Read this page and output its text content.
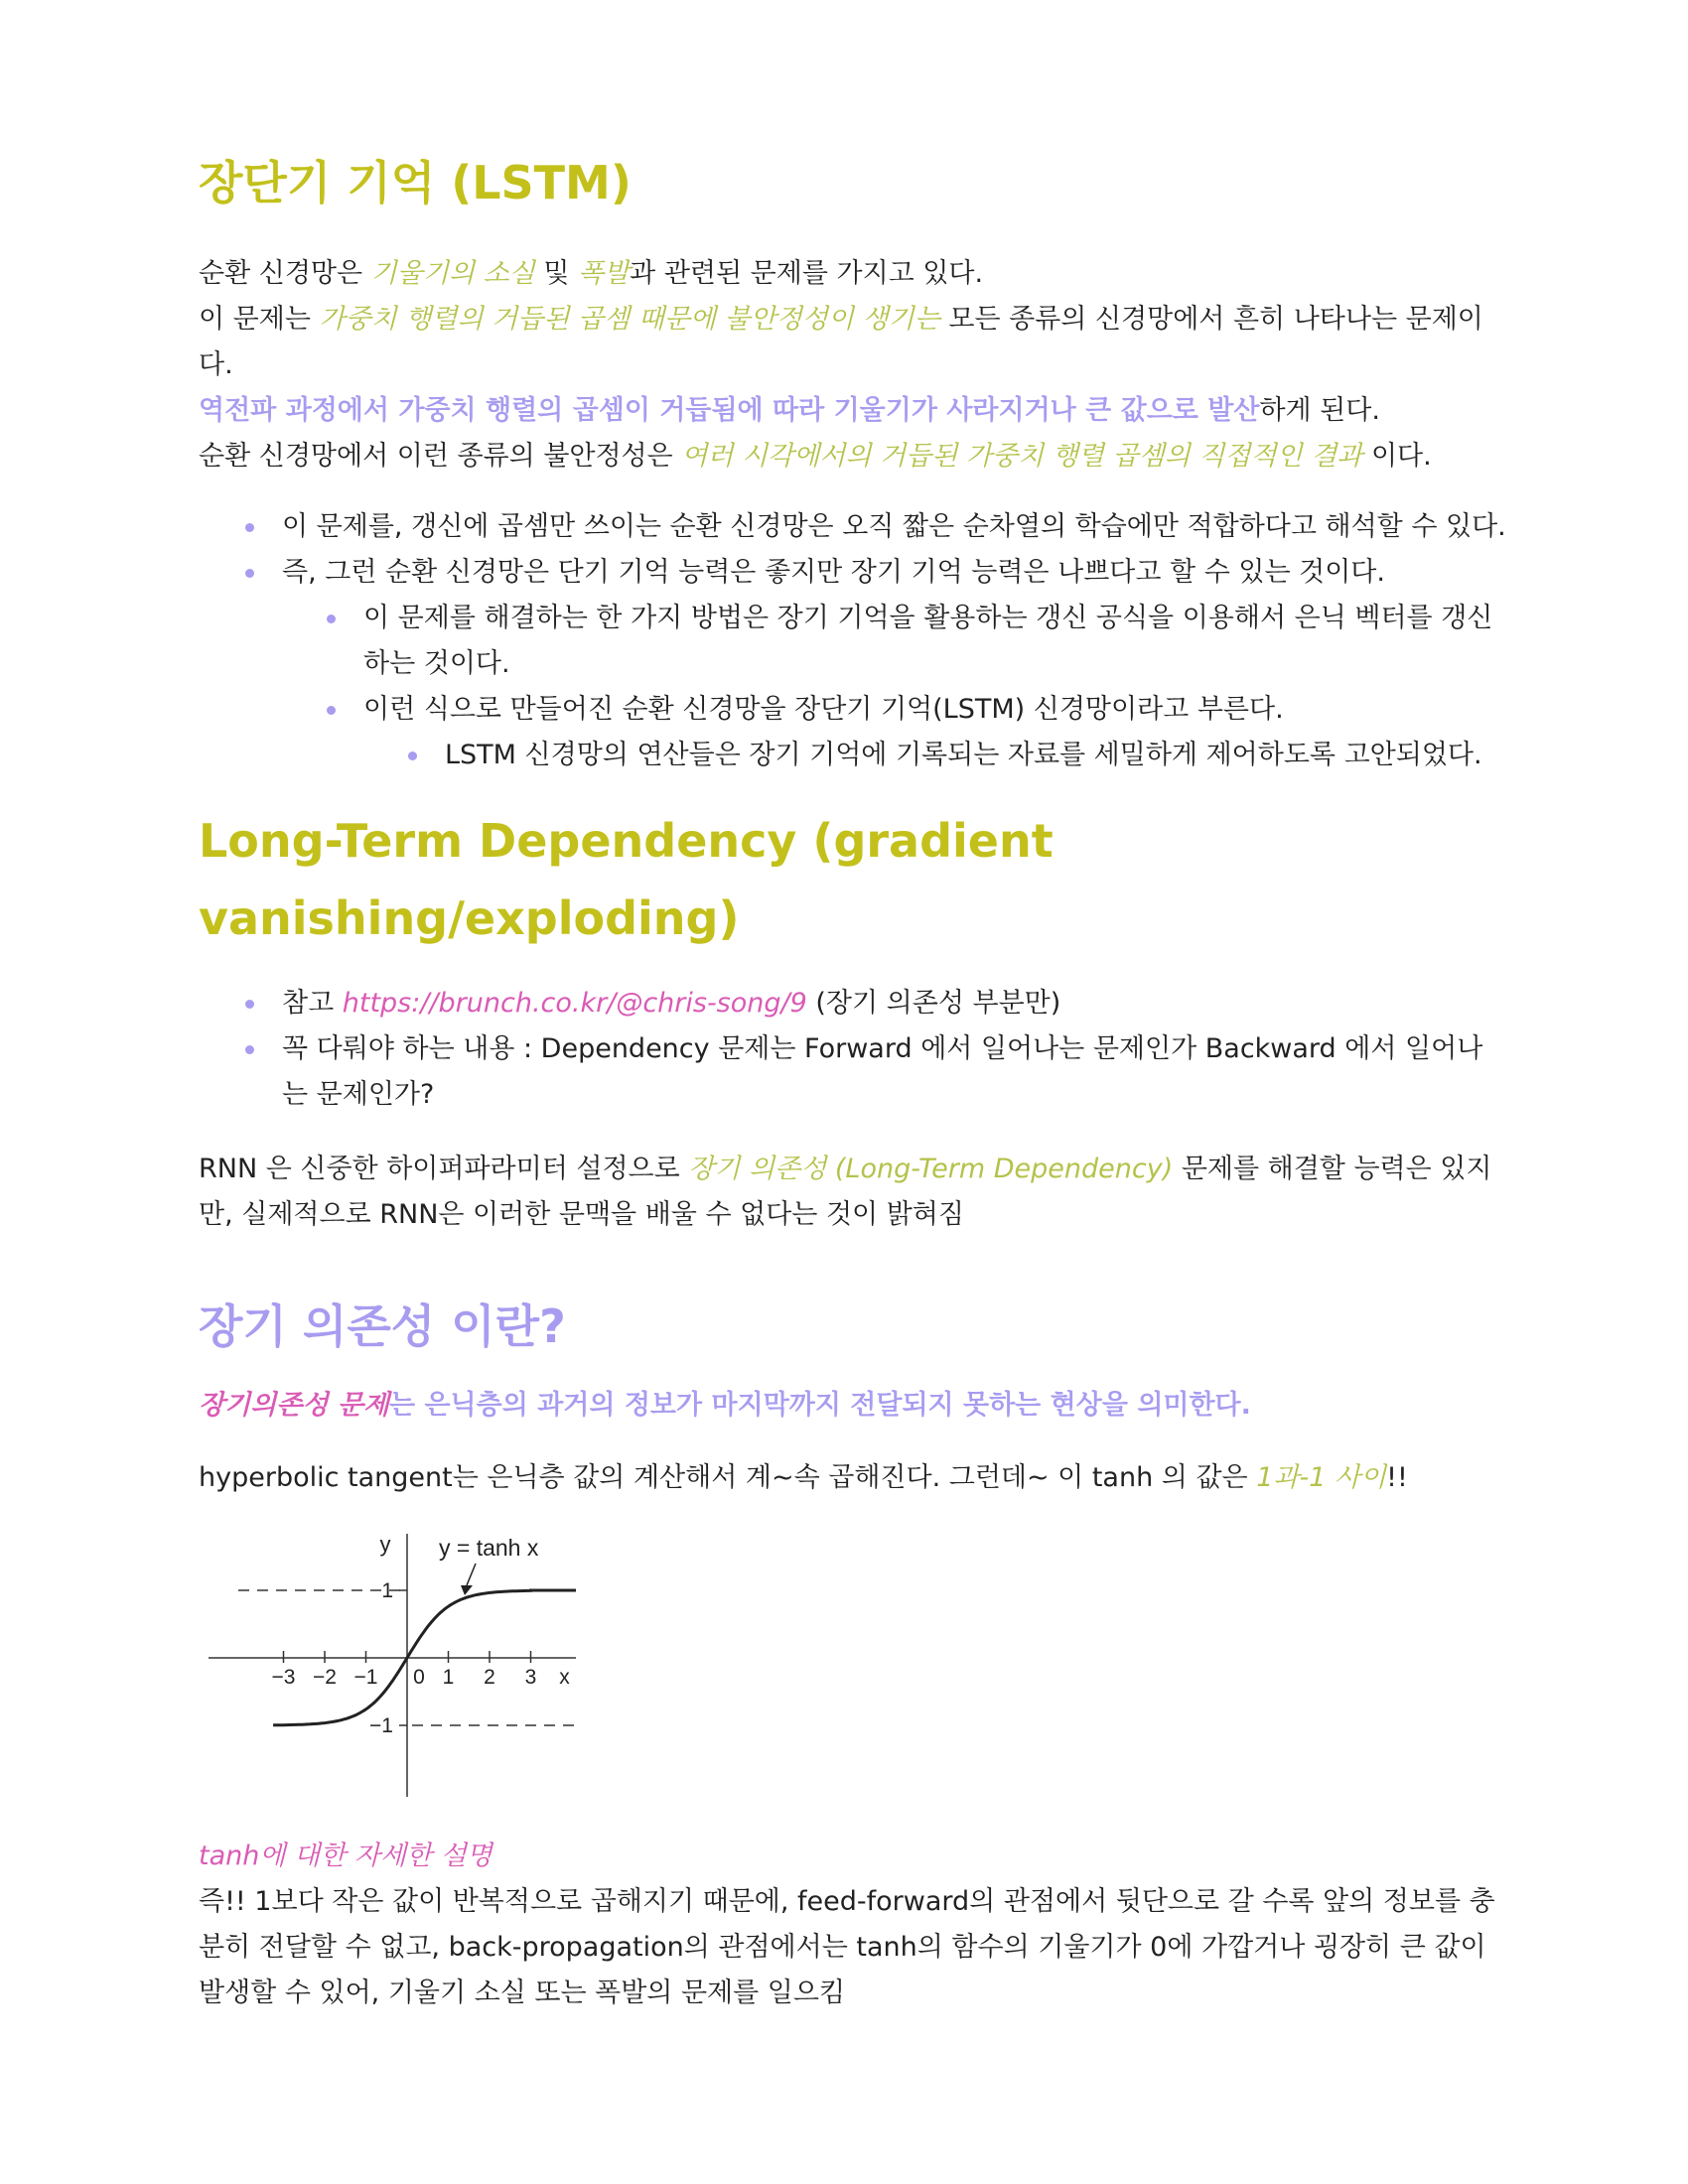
장단기 기억 (LSTM)

순환 신경망은 기울기의 소실 및 폭발과 관련된 문제를 가지고 있다.

이 문제는 가중치 행렬의 거듭된 곱셈 때문에 불안정성이 생기는 모든 종류의 신경망에서 흔히 나타나는 문제이

다.

역전파 과정에서 가중치 행렬의 곱셈이 거듭됨에 따라 기울기가 사라지거나 큰 값으로 발산하게 된다.

순환 신경망에서 이런 종류의 불안정성은 여러 시각에서의 거듭된 가중치 행렬 곱셈의 직접적인 결과 이다.

이 문제를, 갱신에 곱셈만 쓰이는 순환 신경망은 오직 짧은 순차열의 학습에만 적합하다고 해석할 수 있다.
즉, 그런 순환 신경망은 단기 기억 능력은 좋지만 장기 기억 능력은 나쁘다고 할 수 있는 것이다.
이 문제를 해결하는 한 가지 방법은 장기 기억을 활용하는 갱신 공식을 이용해서 은닉 벡터를 갱신
하는 것이다.
이런 식으로 만들어진 순환 신경망을 장단기 기억(LSTM) 신경망이라고 부른다.
LSTM 신경망의 연산들은 장기 기억에 기록되는 자료를 세밀하게 제어하도록 고안되었다.
Long-Term Dependency (gradient
vanishing/exploding)
참고 https://brunch.co.kr/@chris-song/9 (장기 의존성 부분만)
꼭 다뤄야 하는 내용 : Dependency 문제는 Forward 에서 일어나는 문제인가 Backward 에서 일어나
는 문제인가?

RNN 은 신중한 하이퍼파라미터 설정으로 장기 의존성 (Long-Term Dependency) 문제를 해결할 능력은 있지

만, 실제적으로 RNN은 이러한 문맥을 배울 수 없다는 것이 밝혀짐

장기 의존성 이란?

장기의존성 문제는 은닉층의 과거의 정보가 마지막까지 전달되지 못하는 현상을 의미한다.

hyperbolic tangent는 은닉층 값의 계산해서 계~속 곱해진다. 그런데~ 이 tanh 의 값은 1과-1 사이!!

tanh에 대한 자세한 설명

즉!! 1보다 작은 값이 반복적으로 곱해지기 때문에, feed-forward의 관점에서 뒷단으로 갈 수록 앞의 정보를 충

분히 전달할 수 없고, back-propagation의 관점에서는 tanh의 함수의 기울기가 0에 가깝거나 굉장히 큰 값이

발생할 수 있어, 기울기 소실 또는 폭발의 문제를 일으킴

−3 −2 −1 0 1 2 3
1
−1
y
x
y = tanh x
